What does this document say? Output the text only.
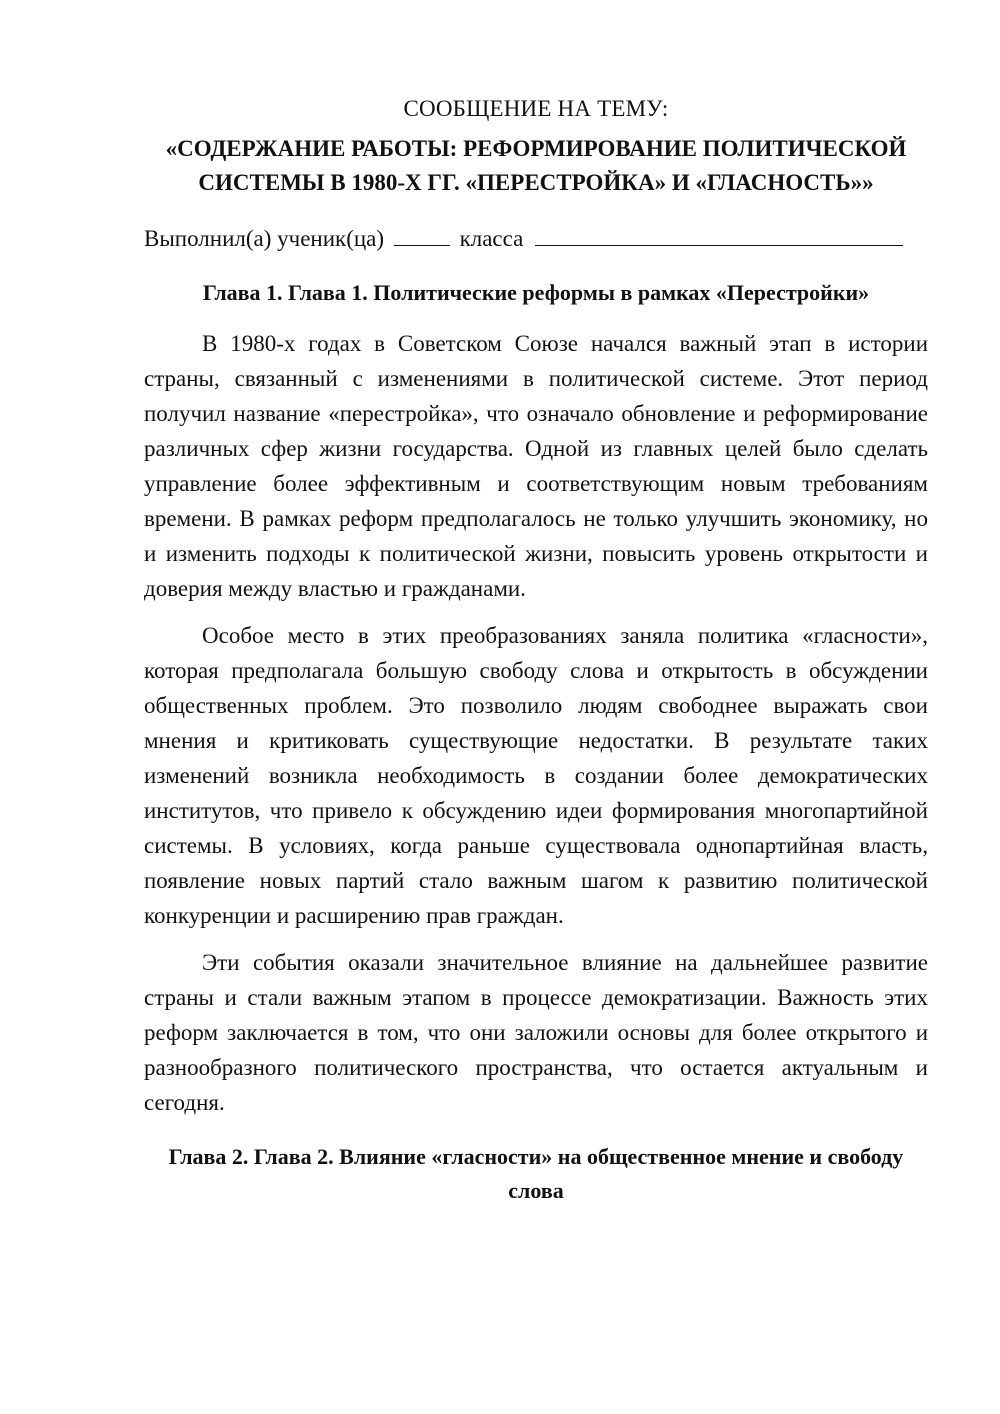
СООБЩЕНИЕ НА ТЕМУ:
«СОДЕРЖАНИЕ РАБОТЫ: РЕФОРМИРОВАНИЕ ПОЛИТИЧЕСКОЙ СИСТЕМЫ В 1980-Х ГГ. «ПЕРЕСТРОЙКА» И «ГЛАСНОСТЬ»»
Выполнил(а) ученик(ца)	класса
Глава 1. Глава 1. Политические реформы в рамках «Перестройки»

В 1980-х годах в Советском Союзе начался важный этап в истории страны, связанный с изменениями в политической системе. Этот период получил название «перестройка», что означало обновление и реформирование различных сфер жизни государства. Одной из главных целей было сделать управление более эффективным и соответствующим новым требованиям времени. В рамках реформ предполагалось не только улучшить экономику, но и изменить подходы к политической жизни, повысить уровень открытости и доверия между властью и гражданами.

Особое место в этих преобразованиях заняла политика «гласности», которая предполагала большую свободу слова и открытость в обсуждении общественных проблем. Это позволило людям свободнее выражать свои мнения и критиковать существующие недостатки. В результате таких изменений возникла необходимость в создании более демократических институтов, что привело к обсуждению идеи формирования многопартийной системы. В условиях, когда раньше существовала однопартийная власть, появление новых партий стало важным шагом к развитию политической конкуренции и расширению прав граждан.

Эти события оказали значительное влияние на дальнейшее развитие страны и стали важным этапом в процессе демократизации. Важность этих реформ заключается в том, что они заложили основы для более открытого и разнообразного политического пространства, что остается актуальным и сегодня.

Глава 2. Глава 2. Влияние «гласности» на общественное мнение и свободу слова
